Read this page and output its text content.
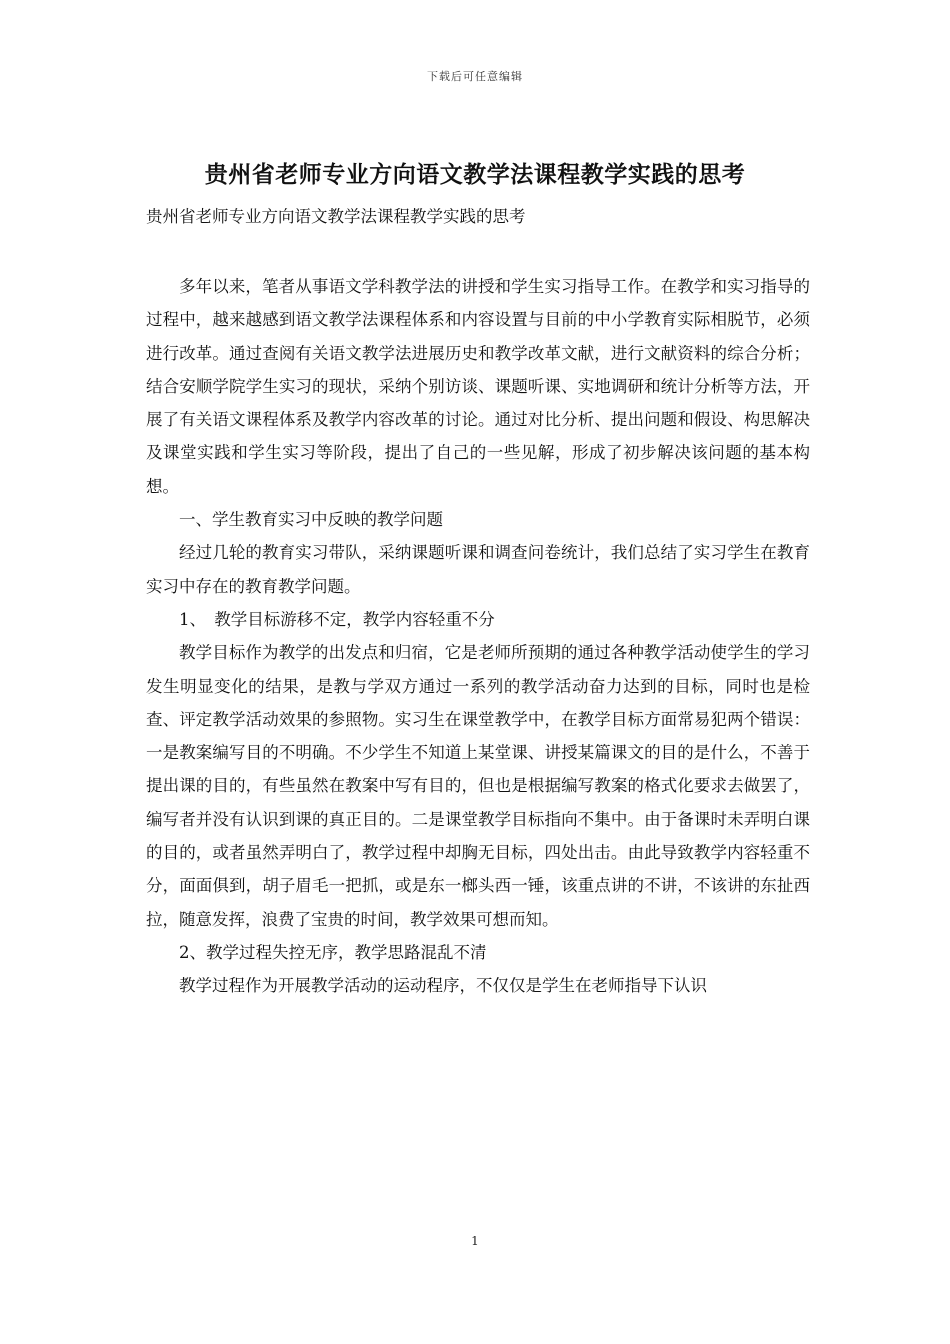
下载后可任意编辑
贵州省老师专业方向语文教学法课程教学实践的思考

贵州省老师专业方向语文教学法课程教学实践的思考

多年以来，笔者从事语文学科教学法的讲授和学生实习指导工作。在教学和实习指导的过程中，越来越感到语文教学法课程体系和内容设置与目前的中小学教育实际相脱节，必须进行改革。通过查阅有关语文教学法进展历史和教学改革文献，进行文献资料的综合分析；结合安顺学院学生实习的现状，采纳个别访谈、课题听课、实地调研和统计分析等方法，开展了有关语文课程体系及教学内容改革的讨论。通过对比分析、提出问题和假设、构思解决及课堂实践和学生实习等阶段，提出了自己的一些见解，形成了初步解决该问题的基本构想。

一、学生教育实习中反映的教学问题

经过几轮的教育实习带队，采纳课题听课和调查问卷统计，我们总结了实习学生在教育实习中存在的教育教学问题。

1、　教学目标游移不定，教学内容轻重不分

教学目标作为教学的出发点和归宿，它是老师所预期的通过各种教学活动使学生的学习发生明显变化的结果，是教与学双方通过一系列的教学活动奋力达到的目标，同时也是检查、评定教学活动效果的参照物。实习生在课堂教学中，在教学目标方面常易犯两个错误：一是教案编写目的不明确。不少学生不知道上某堂课、讲授某篇课文的目的是什么，不善于提出课的目的，有些虽然在教案中写有目的，但也是根据编写教案的格式化要求去做罢了，编写者并没有认识到课的真正目的。二是课堂教学目标指向不集中。由于备课时未弄明白课的目的，或者虽然弄明白了，教学过程中却胸无目标，四处出击。由此导致教学内容轻重不分，面面俱到，胡子眉毛一把抓，或是东一榔头西一锤，该重点讲的不讲，不该讲的东扯西拉，随意发挥，浪费了宝贵的时间，教学效果可想而知。

2、教学过程失控无序，教学思路混乱不清

教学过程作为开展教学活动的运动程序，不仅仅是学生在老师指导下认识

1
